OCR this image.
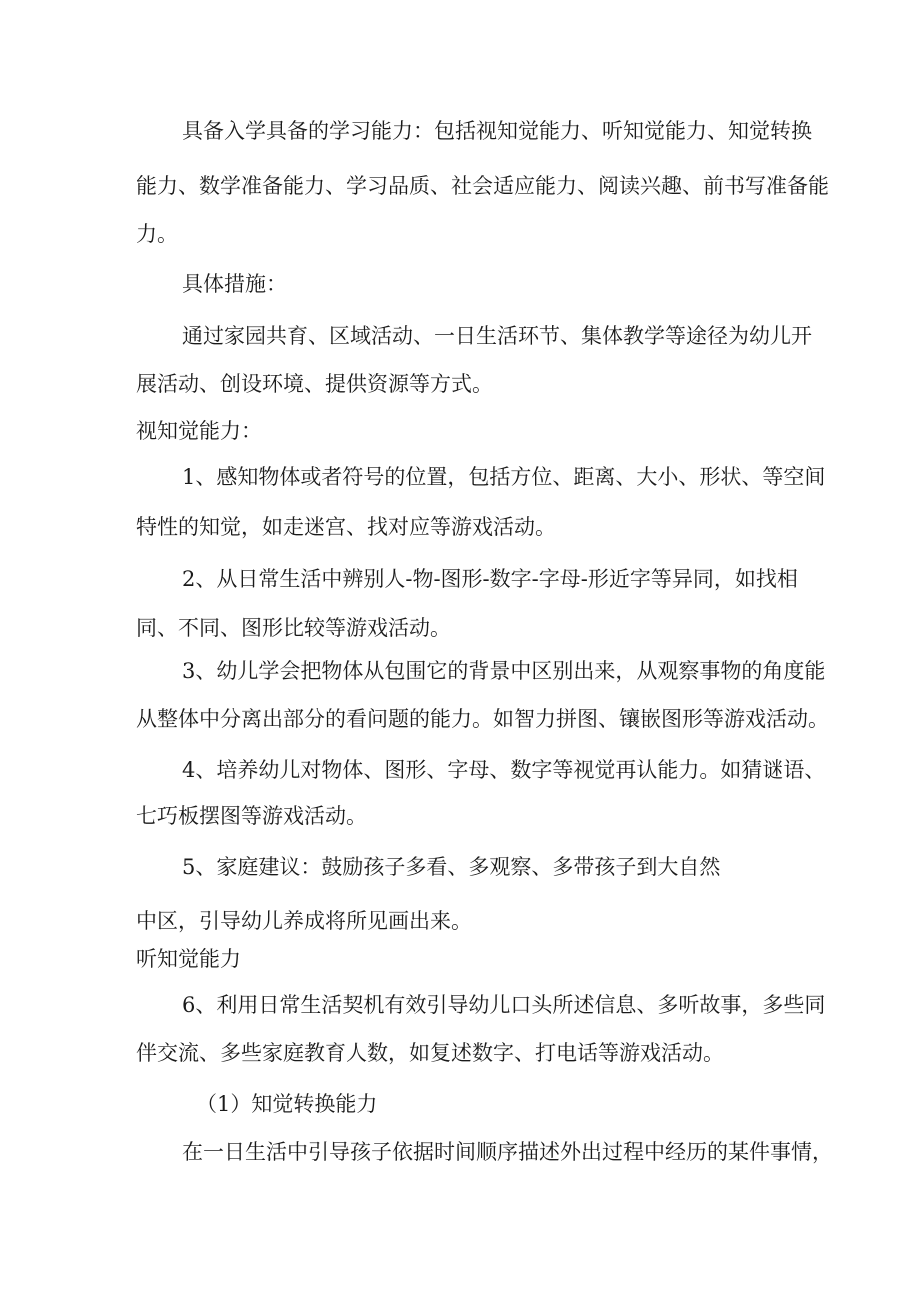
具备入学具备的学习能力：包括视知觉能力、听知觉能力、知觉转换

能力、数学准备能力、学习品质、社会适应能力、阅读兴趣、前书写准备能

力。

具体措施：

通过家园共育、区域活动、一日生活环节、集体教学等途径为幼儿开

展活动、创设环境、提供资源等方式。

视知觉能力：

1、感知物体或者符号的位置，包括方位、距离、大小、形状、等空间

特性的知觉，如走迷宫、找对应等游戏活动。

2、从日常生活中辨别人-物-图形-数字-字母-形近字等异同，如找相

同、不同、图形比较等游戏活动。

3、幼儿学会把物体从包围它的背景中区别出来，从观察事物的角度能

从整体中分离出部分的看问题的能力。如智力拼图、镶嵌图形等游戏活动。

4、培养幼儿对物体、图形、字母、数字等视觉再认能力。如猜谜语、

七巧板摆图等游戏活动。

5、家庭建议：鼓励孩子多看、多观察、多带孩子到大自然

中区，引导幼儿养成将所见画出来。

听知觉能力

6、利用日常生活契机有效引导幼儿口头所述信息、多听故事，多些同

伴交流、多些家庭教育人数，如复述数字、打电话等游戏活动。

（1）知觉转换能力

在一日生活中引导孩子依据时间顺序描述外出过程中经历的某件事情，
